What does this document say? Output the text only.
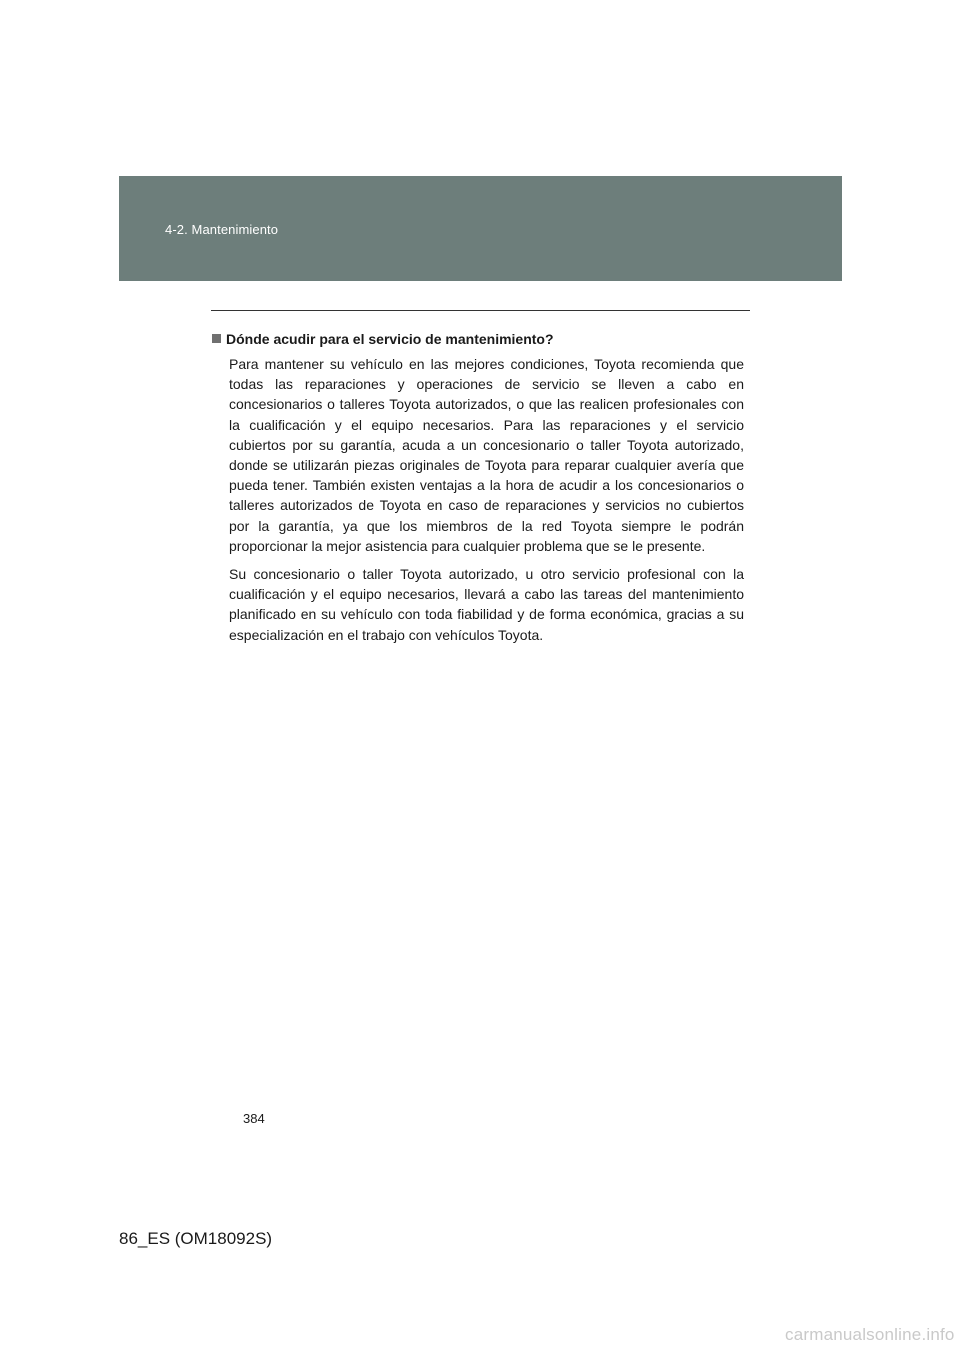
4-2. Mantenimiento
Dónde acudir para el servicio de mantenimiento?

Para mantener su vehículo en las mejores condiciones, Toyota recomienda que todas las reparaciones y operaciones de servicio se lleven a cabo en concesionarios o talleres Toyota autorizados, o que las realicen profesionales con la cualificación y el equipo necesarios. Para las reparaciones y el servicio cubiertos por su garantía, acuda a un concesionario o taller Toyota autorizado, donde se utilizarán piezas originales de Toyota para reparar cualquier avería que pueda tener. También existen ventajas a la hora de acudir a los concesionarios o talleres autorizados de Toyota en caso de reparaciones y servicios no cubiertos por la garantía, ya que los miembros de la red Toyota siempre le podrán proporcionar la mejor asistencia para cualquier problema que se le presente.

Su concesionario o taller Toyota autorizado, u otro servicio profesional con la cualificación y el equipo necesarios, llevará a cabo las tareas del mantenimiento planificado en su vehículo con toda fiabilidad y de forma económica, gracias a su especialización en el trabajo con vehículos Toyota.

384
86_ES (OM18092S)
carmanualsonline.info
